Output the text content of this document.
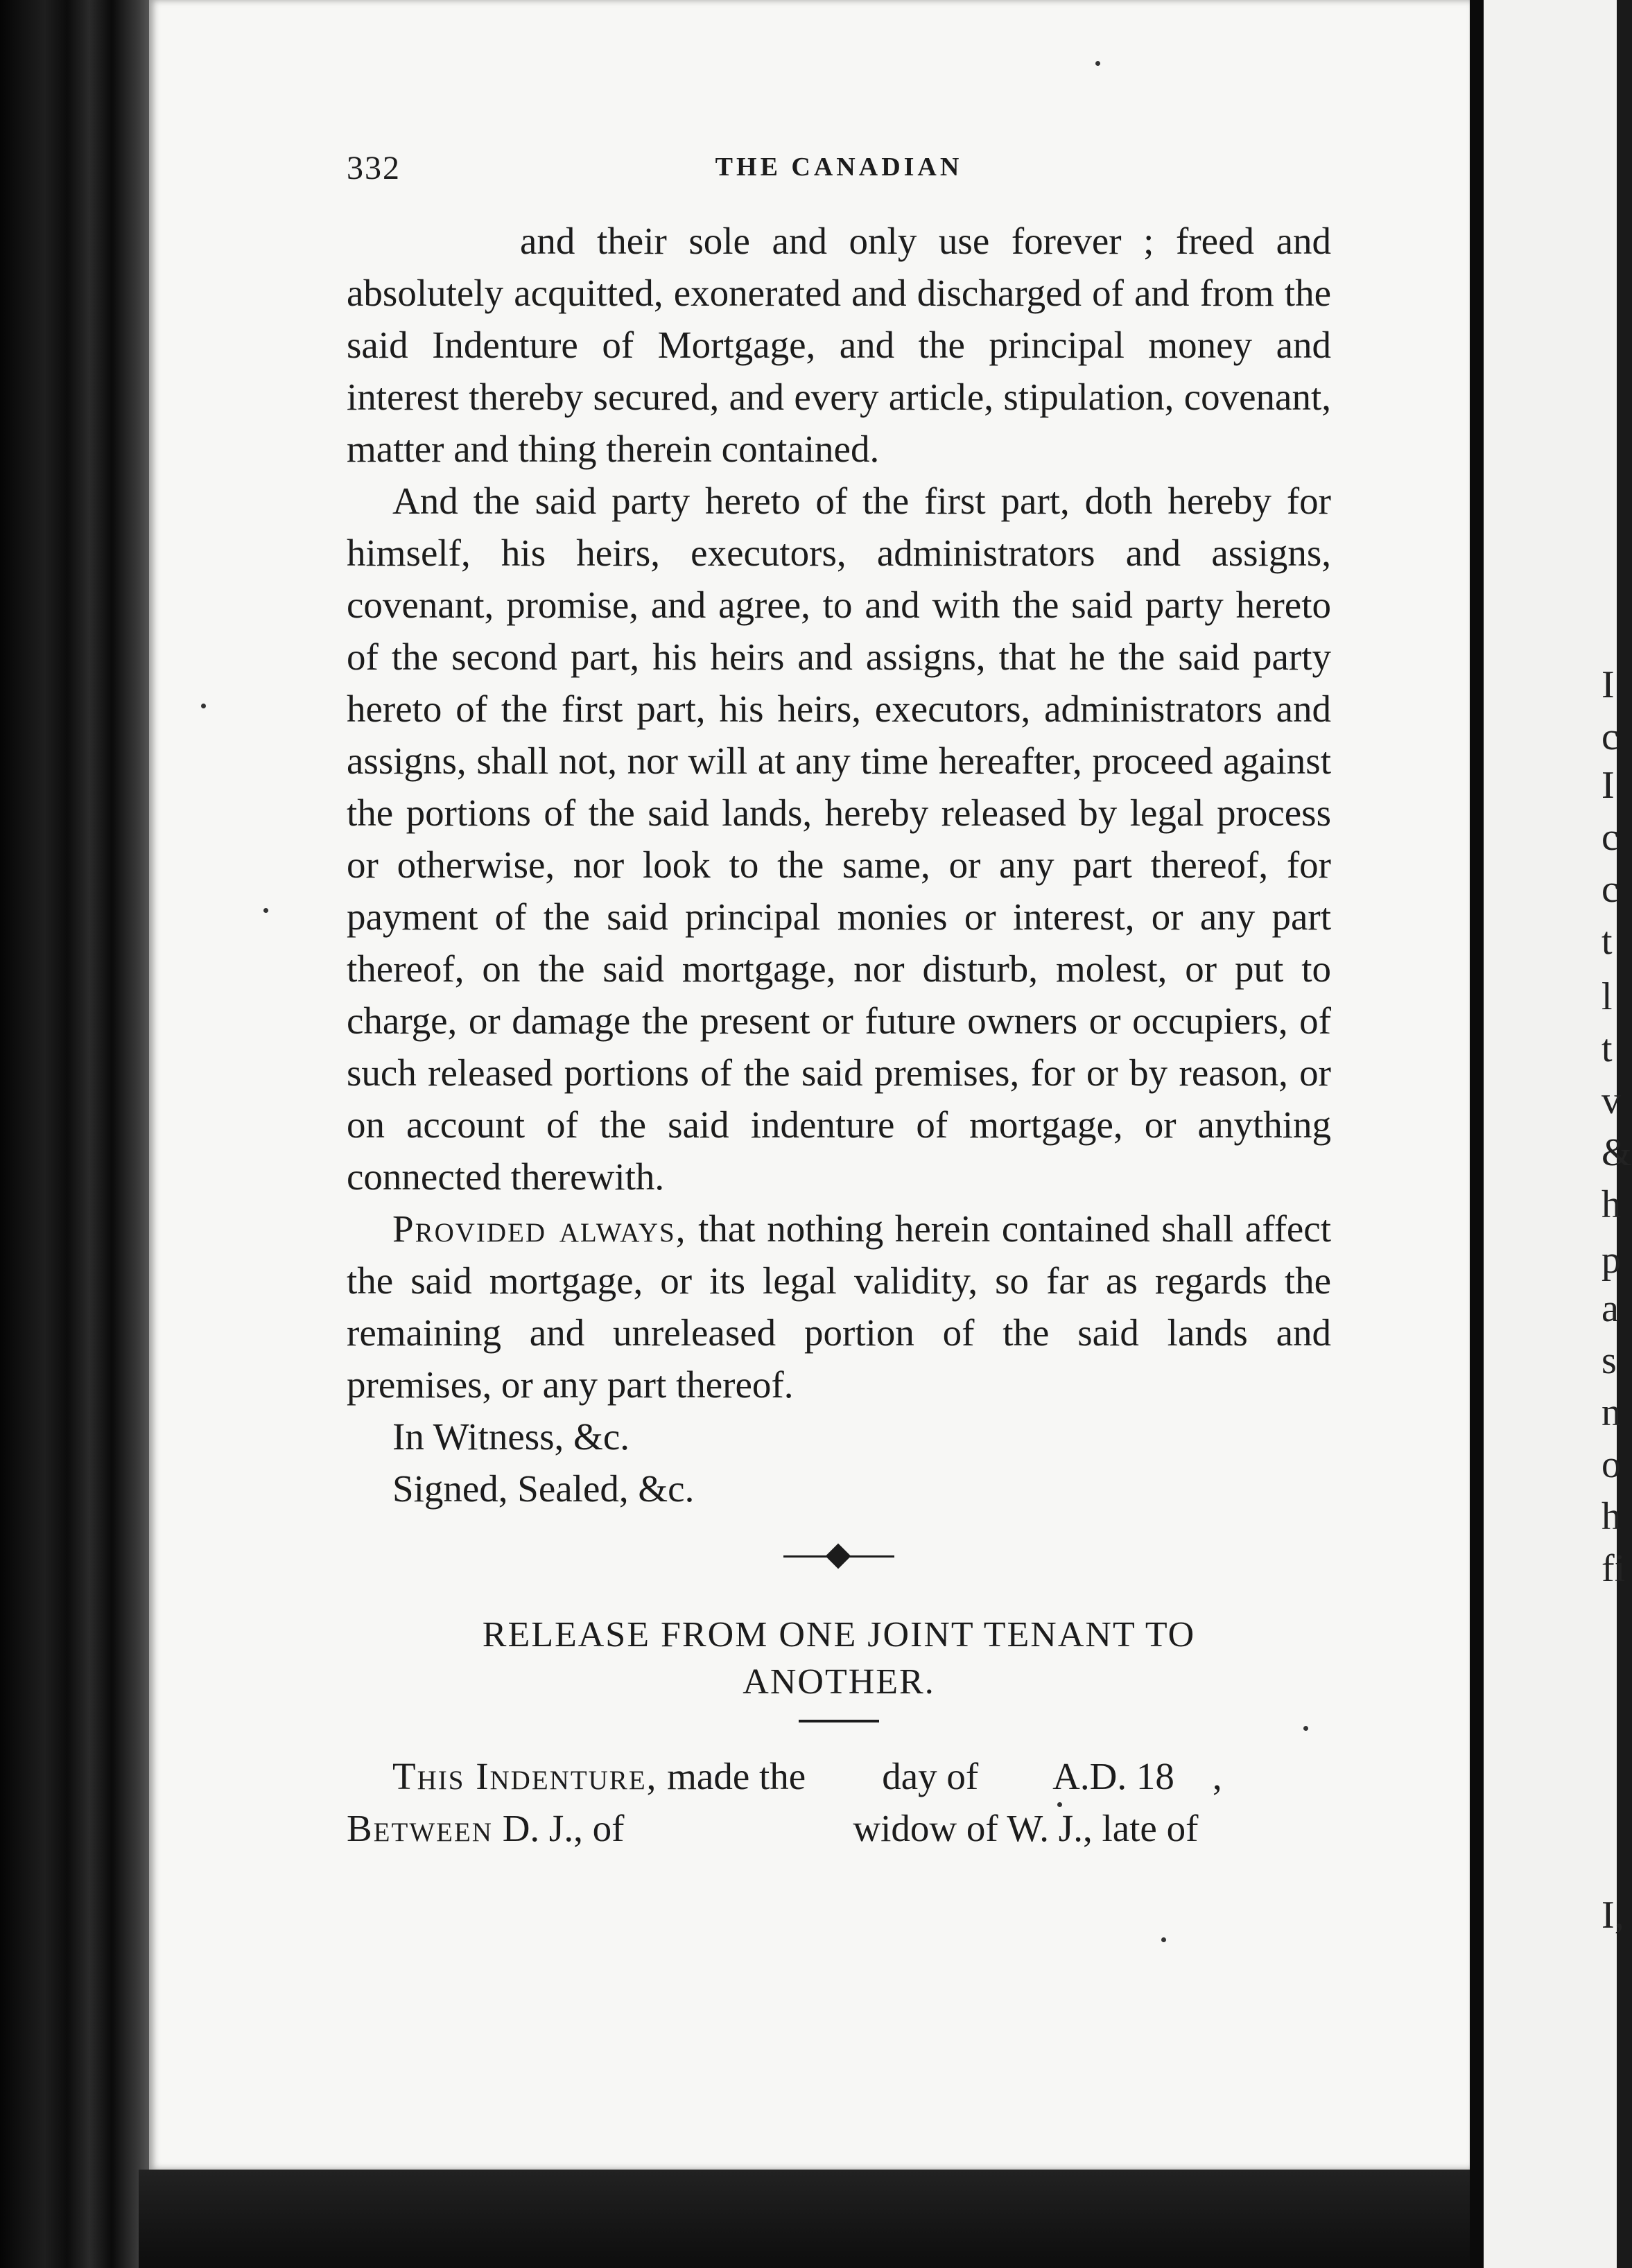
I
c
I
c
c
t
l
t
v
&
h
p
a
s
n
o
h
fi
I,
332	THE CANADIAN

and their sole and only use forever ; freed and absolutely acquitted, exonerated and discharged of and from the said Indenture of Mortgage, and the principal money and interest thereby secured, and every article, stipulation, covenant, matter and thing therein contained.

And the said party hereto of the first part, doth hereby for himself, his heirs, executors, administrators and assigns, covenant, promise, and agree, to and with the said party hereto of the second part, his heirs and assigns, that he the said party hereto of the first part, his heirs, executors, administrators and assigns, shall not, nor will at any time hereafter, proceed against the portions of the said lands, hereby released by legal process or otherwise, nor look to the same, or any part thereof, for payment of the said principal monies or interest, or any part thereof, on the said mortgage, nor disturb, molest, or put to charge, or damage the present or future owners or occupiers, of such released portions of the said premises, for or by reason, or on account of the said indenture of mortgage, or anything connected therewith.

Provided always, that nothing herein contained shall affect the said mortgage, or its legal validity, so far as regards the remaining and unreleased portion of the said lands and premises, or any part thereof.

In Witness, &c.

Signed, Sealed, &c.

RELEASE FROM ONE JOINT TENANT TO
ANOTHER.

This Indenture, made the        day of        A.D. 18    ,

Between D. J., of                        widow of W. J., late of
